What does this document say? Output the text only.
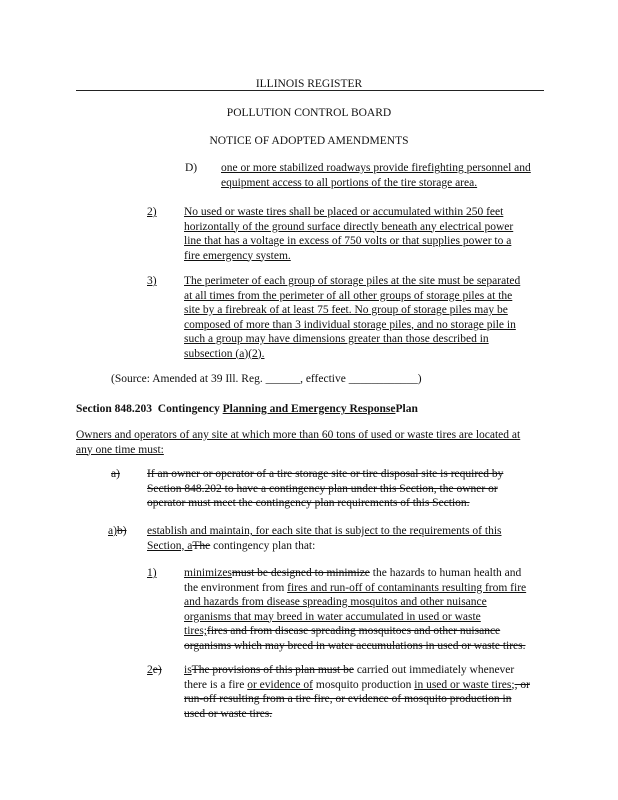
ILLINOIS REGISTER
POLLUTION CONTROL BOARD
NOTICE OF ADOPTED AMENDMENTS
D) one or more stabilized roadways provide firefighting personnel and
equipment access to all portions of the tire storage area.
2) No used or waste tires shall be placed or accumulated within 250 feet
horizontally of the ground surface directly beneath any electrical power
line that has a voltage in excess of 750 volts or that supplies power to a
fire emergency system.
3) The perimeter of each group of storage piles at the site must be separated
at all times from the perimeter of all other groups of storage piles at the
site by a firebreak of at least 75 feet. No group of storage piles may be
composed of more than 3 individual storage piles, and no storage pile in
such a group may have dimensions greater than those described in
subsection (a)(2).
(Source: Amended at 39 Ill. Reg. ______, effective ____________)
Section 848.203 Contingency Planning and Emergency ResponsePlan
Owners and operators of any site at which more than 60 tons of used or waste tires are located at
any one time must:
a) If an owner or operator of a tire storage site or tire disposal site is required by
Section 848.202 to have a contingency plan under this Section, the owner or
operator must meet the contingency plan requirements of this Section.
a)b) establish and maintain, for each site that is subject to the requirements of this
Section, aThe contingency plan that:
1) minimizesmust be designed to minimize the hazards to human health and
the environment from fires and run-off of contaminants resulting from fire
and hazards from disease spreading mosquitos and other nuisance
organisms that may breed in water accumulated in used or waste
tires;fires and from disease spreading mosquitoes and other nuisance
organisms which may breed in water accumulations in used or waste tires.
2e) isThe provisions of this plan must be carried out immediately whenever
there is a fire or evidence of mosquito production in used or waste tires;, or
run-off resulting from a tire fire, or evidence of mosquito production in
used or waste tires.
